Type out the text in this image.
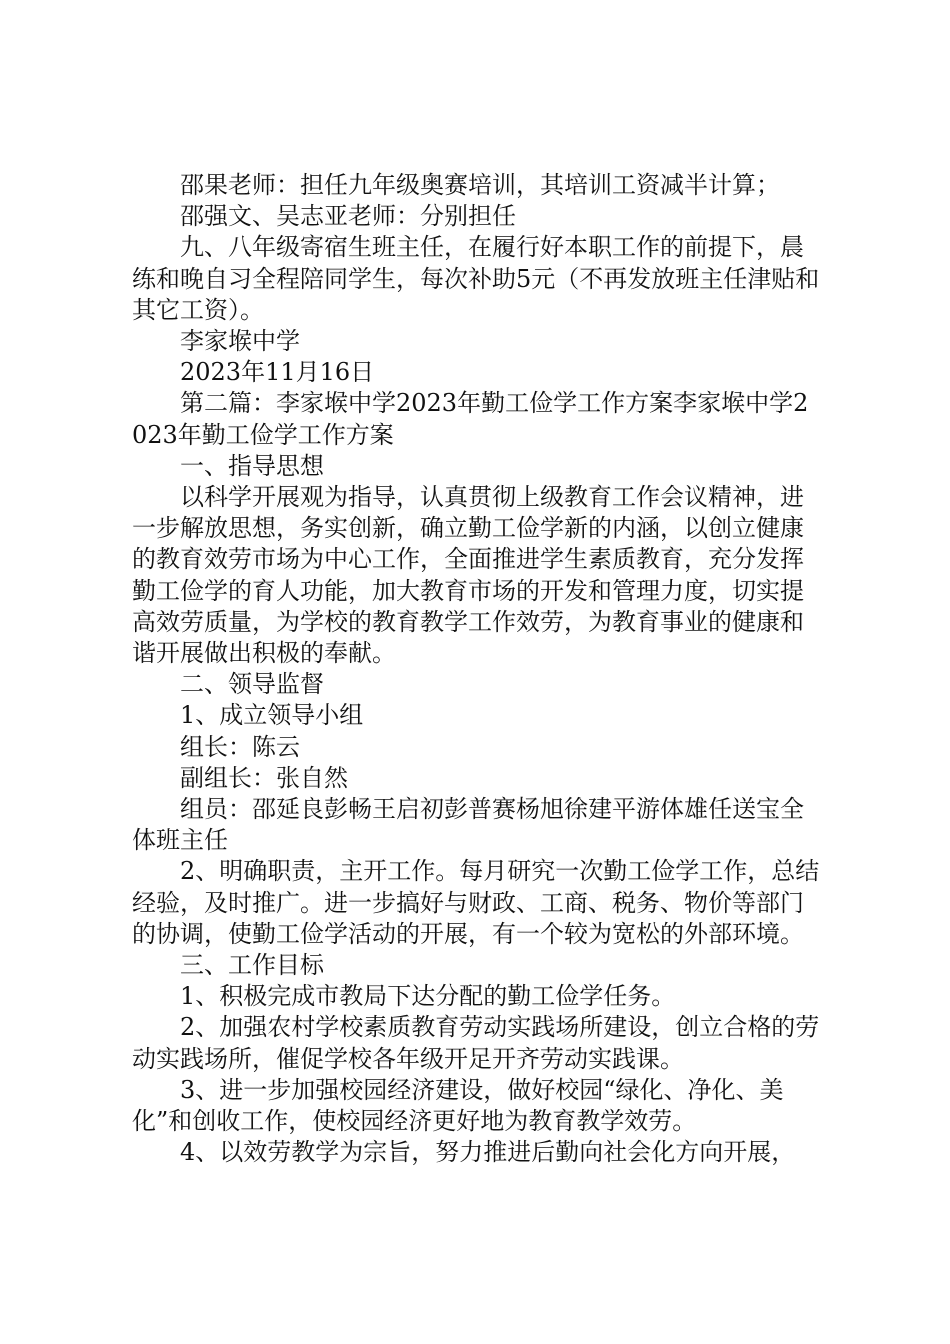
邵果老师：担任九年级奥赛培训，其培训工资减半计算；

邵强文、吴志亚老师：分别担任

九、八年级寄宿生班主任，在履行好本职工作的前提下，晨练和晚自习全程陪同学生，每次补助5元（不再发放班主任津贴和其它工资）。

李家堠中学

2023年11月16日

第二篇：李家堠中学2023年勤工俭学工作方案李家堠中学2023年勤工俭学工作方案

一、指导思想

以科学开展观为指导，认真贯彻上级教育工作会议精神，进一步解放思想，务实创新，确立勤工俭学新的内涵，以创立健康的教育效劳市场为中心工作，全面推进学生素质教育，充分发挥勤工俭学的育人功能，加大教育市场的开发和管理力度，切实提高效劳质量，为学校的教育教学工作效劳，为教育事业的健康和谐开展做出积极的奉献。

二、领导监督

1、成立领导小组

组长：陈云

副组长：张自然

组员：邵延良彭畅王启初彭普赛杨旭徐建平游体雄任送宝全体班主任

2、明确职责，主开工作。每月研究一次勤工俭学工作，总结经验，及时推广。进一步搞好与财政、工商、税务、物价等部门的协调，使勤工俭学活动的开展，有一个较为宽松的外部环境。

三、工作目标

1、积极完成市教局下达分配的勤工俭学任务。

2、加强农村学校素质教育劳动实践场所建设，创立合格的劳动实践场所，催促学校各年级开足开齐劳动实践课。

3、进一步加强校园经济建设，做好校园“绿化、净化、美化”和创收工作，使校园经济更好地为教育教学效劳。

4、以效劳教学为宗旨，努力推进后勤向社会化方向开展，
